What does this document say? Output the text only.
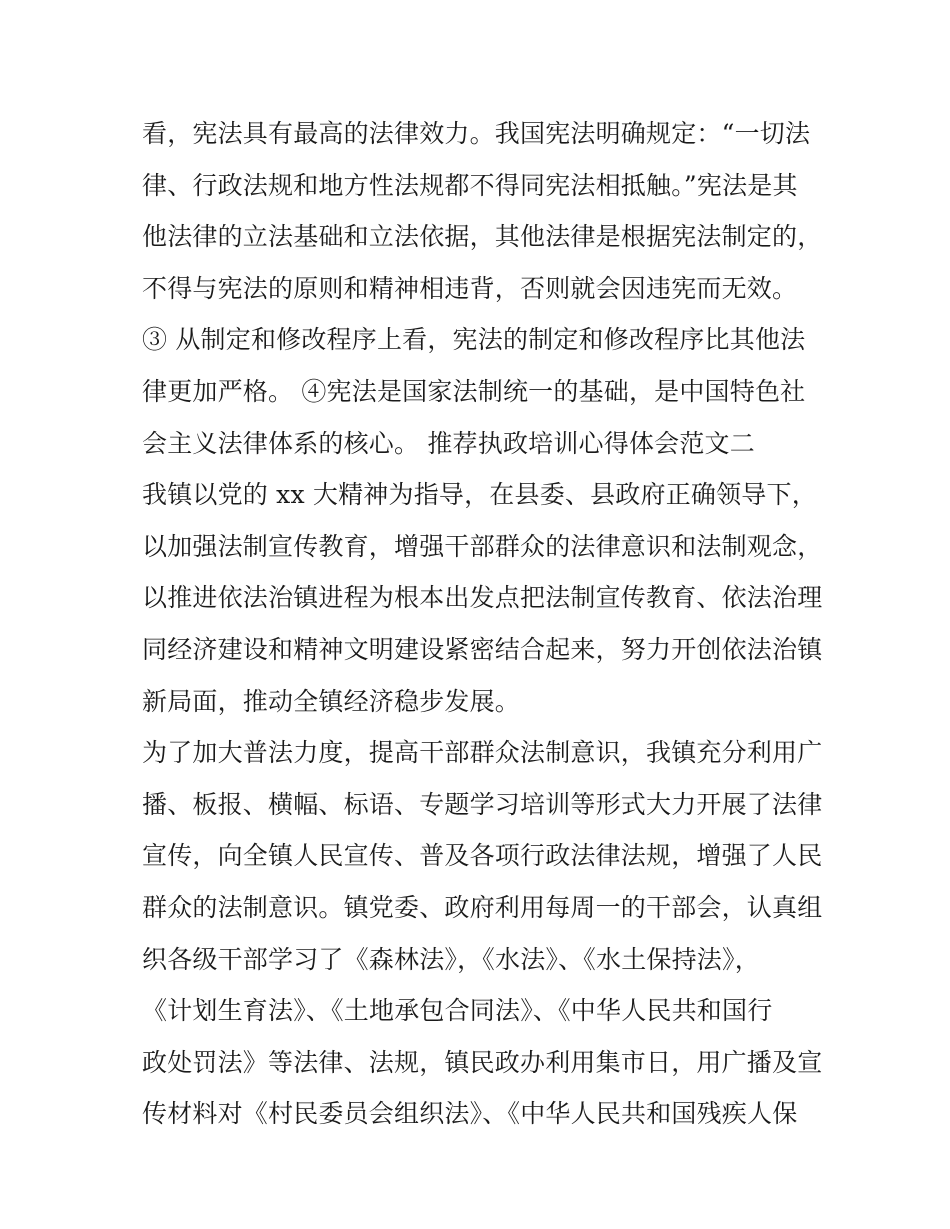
看，宪法具有最高的法律效力。我国宪法明确规定：“一切法
律、行政法规和地方性法规都不得同宪法相抵触。”宪法是其
他法律的立法基础和立法依据，其他法律是根据宪法制定的，
不得与宪法的原则和精神相违背，否则就会因违宪而无效。
③ 从制定和修改程序上看，宪法的制定和修改程序比其他法
律更加严格。 ④宪法是国家法制统一的基础，是中国特色社
会主义法律体系的核心。 推荐执政培训心得体会范文二
我镇以党的 xx 大精神为指导，在县委、县政府正确领导下，
以加强法制宣传教育，增强干部群众的法律意识和法制观念，
以推进依法治镇进程为根本出发点把法制宣传教育、依法治理
同经济建设和精神文明建设紧密结合起来，努力开创依法治镇
新局面，推动全镇经济稳步发展。
为了加大普法力度，提高干部群众法制意识，我镇充分利用广
播、板报、横幅、标语、专题学习培训等形式大力开展了法律
宣传，向全镇人民宣传、普及各项行政法律法规，增强了人民
群众的法制意识。镇党委、政府利用每周一的干部会，认真组
织各级干部学习了《森林法》，《水法》、《水土保持法》，
《计划生育法》、《土地承包合同法》、《中华人民共和国行
政处罚法》等法律、法规，镇民政办利用集市日，用广播及宣
传材料对《村民委员会组织法》、《中华人民共和国残疾人保
